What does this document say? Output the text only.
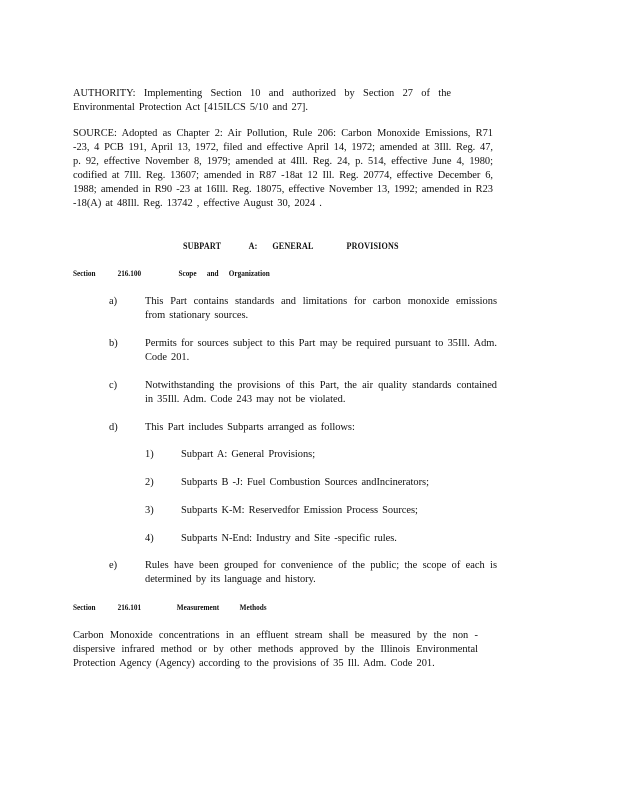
AUTHORITY: Implementing Section 10 and authorized by Section 27 of the Environmental Protection Act [415ILCS 5/10 and 27].
SOURCE: Adopted as Chapter 2: Air Pollution, Rule 206: Carbon Monoxide Emissions, R71 -23, 4 PCB 191, April 13, 1972, filed and effective April 14, 1972; amended at 3Ill. Reg. 47, p. 92, effective November 8, 1979; amended at 4Ill. Reg. 24, p. 514, effective June 4, 1980; codified at 7Ill. Reg. 13607; amended in R87 -18at 12 Ill. Reg. 20774, effective December 6, 1988; amended in R90 -23 at 16Ill. Reg. 18075, effective November 13, 1992; amended in R23 -18(A) at 48Ill. Reg. 13742 , effective August 30, 2024 .
SUBPART	A: GENERAL	PROVISIONS
Section	216.100	Scope and Organization
a)	This Part contains standards and limitations for carbon monoxide emissions from stationary sources.
b)	Permits for sources subject to this Part may be required pursuant to 35Ill. Adm. Code 201.
c)	Notwithstanding the provisions of this Part, the air quality standards contained in 35Ill. Adm. Code 243 may not be violated.
d)	This Part includes Subparts arranged as follows:
1)	Subpart A: General Provisions;
2)	Subparts B -J: Fuel Combustion Sources andIncinerators;
3)	Subparts K-M: Reservedfor Emission Process Sources;
4)	Subparts N-End: Industry and Site -specific rules.
e)	Rules have been grouped for convenience of the public; the scope of each is determined by its language and history.
Section	216.101	Measurement Methods
Carbon Monoxide concentrations in an effluent stream shall be measured by the non - dispersive infrared method or by other methods approved by the Illinois Environmental Protection Agency (Agency) according to the provisions of 35 Ill. Adm. Code 201.
